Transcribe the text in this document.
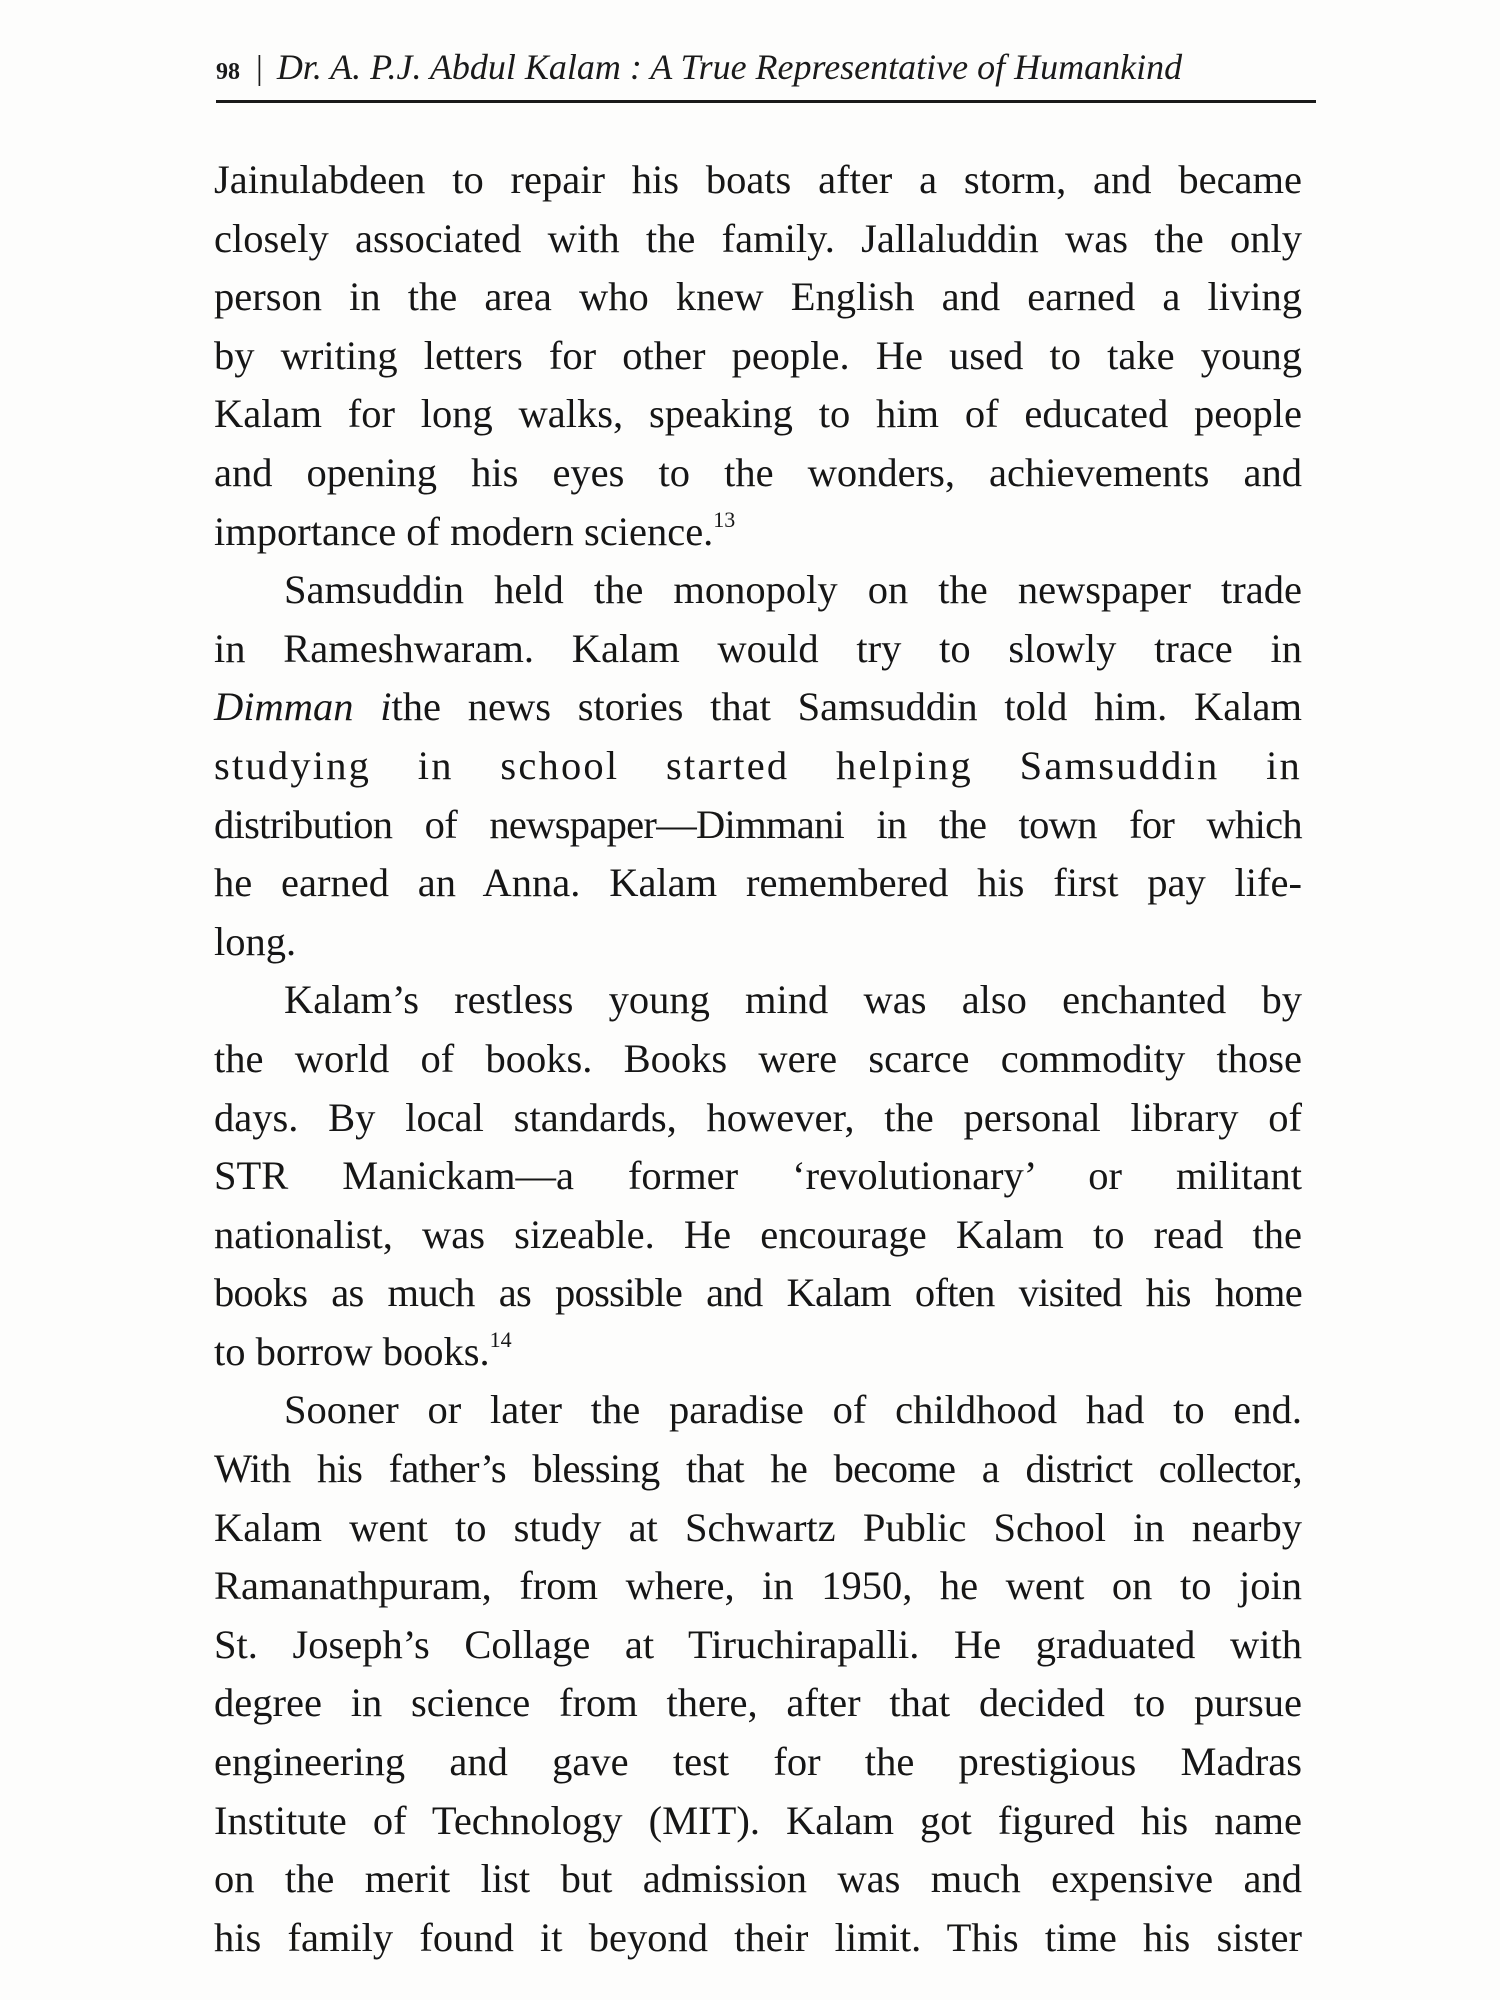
98 | Dr. A. P.J. Abdul Kalam : A True Representative of Humankind
Jainulabdeen to repair his boats after a storm, and became
closely associated with the family. Jallaluddin was the only
person in the area who knew English and earned a living
by writing letters for other people. He used to take young
Kalam for long walks, speaking to him of educated people
and opening his eyes to the wonders, achievements and
importance of modern science.$^{13}$
Samsuddin held the monopoly on the newspaper trade
in Rameshwaram. Kalam would try to slowly trace in
Dimman ithe news stories that Samsuddin told him. Kalam
studying in school started helping Samsuddin in
distribution of newspaper—Dimmani in the town for which
he earned an Anna. Kalam remembered his first pay life-
long.
Kalam’s restless young mind was also enchanted by
the world of books. Books were scarce commodity those
days. By local standards, however, the personal library of
STR Manickam—a former ‘revolutionary’ or militant
nationalist, was sizeable. He encourage Kalam to read the
books as much as possible and Kalam often visited his home
to borrow books.$^{14}$
Sooner or later the paradise of childhood had to end.
With his father’s blessing that he become a district collector,
Kalam went to study at Schwartz Public School in nearby
Ramanathpuram, from where, in 1950, he went on to join
St. Joseph’s Collage at Tiruchirapalli. He graduated with
degree in science from there, after that decided to pursue
engineering and gave test for the prestigious Madras
Institute of Technology (MIT). Kalam got figured his name
on the merit list but admission was much expensive and
his family found it beyond their limit. This time his sister
